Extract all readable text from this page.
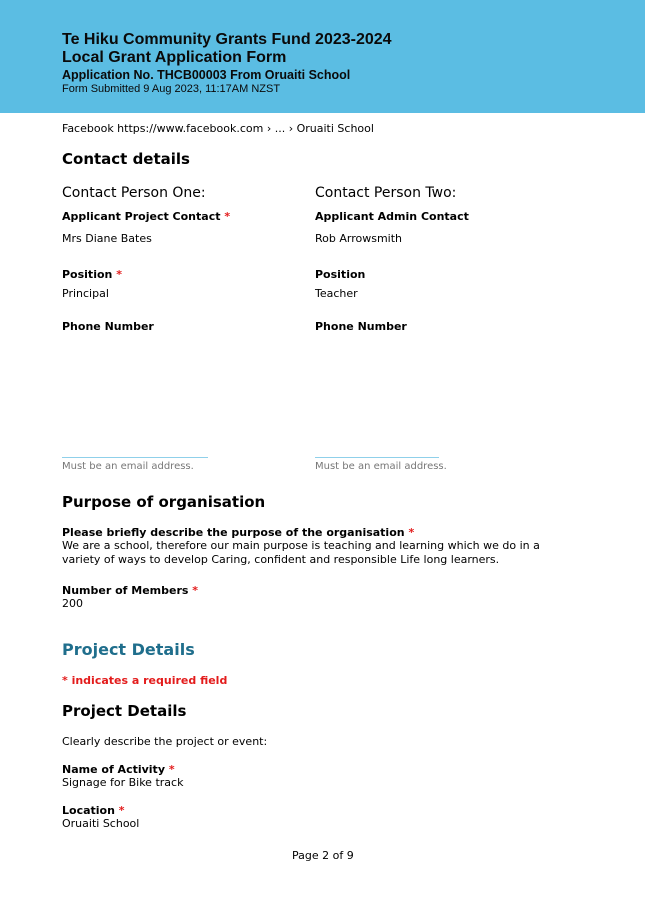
Te Hiku Community Grants Fund 2023-2024
Local Grant Application Form
Application No. THCB00003 From Oruaiti School
Form Submitted 9 Aug 2023, 11:17AM NZST
Facebook https://www.facebook.com › ... › Oruaiti School
Contact details
Contact Person One:
Applicant Project Contact *
Mrs Diane Bates
Position *
Principal
Phone Number
Must be an email address.
Contact Person Two:
Applicant Admin Contact
Rob Arrowsmith
Position
Teacher
Phone Number
Must be an email address.
Purpose of organisation
Please briefly describe the purpose of the organisation *
We are a school, therefore our main purpose is teaching and learning which we do in a variety of ways to develop Caring, confident and responsible Life long learners.
Number of Members *
200
Project Details
* indicates a required field
Project Details
Clearly describe the project or event:
Name of Activity *
Signage for Bike track
Location *
Oruaiti School
Page 2 of 9
